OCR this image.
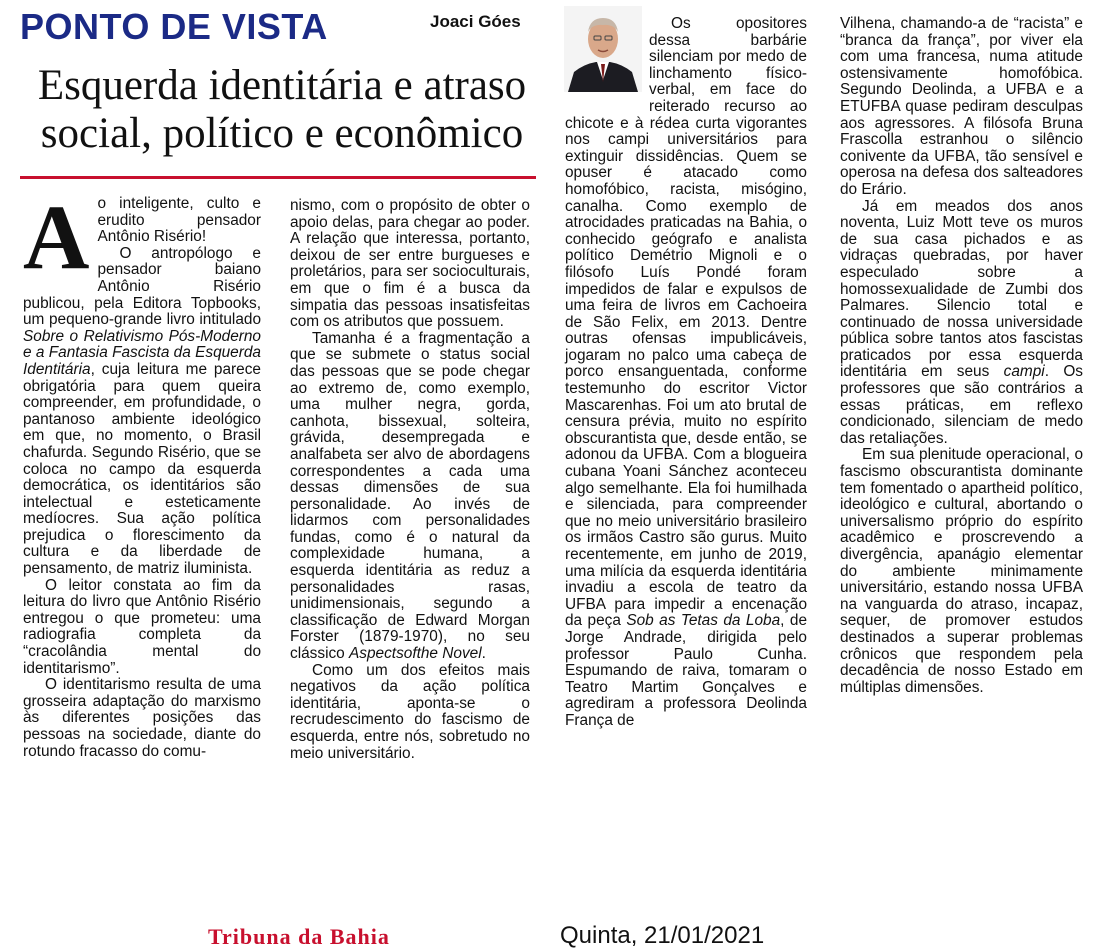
PONTO DE VISTA	Joaci Góes
Esquerda identitária e atraso
social, político e econômico
A o inteligente, culto e erudito pensador Antônio Risério!

O antropólogo e pensador baiano Antônio Risério publicou, pela Editora Topbooks, um pequeno-grande livro intitulado Sobre o Relativismo Pós-Moderno e a Fantasia Fascista da Esquerda Identitária, cuja leitura me parece obrigatória para quem queira compreender, em profundidade, o pantanoso ambiente ideológico em que, no momento, o Brasil chafurda. Segundo Risério, que se coloca no campo da esquerda democrática, os identitários são intelectual e esteticamente medíocres. Sua ação política prejudica o florescimento da cultura e da liberdade de pensamento, de matriz iluminista.

O leitor constata ao fim da leitura do livro que Antônio Risério entregou o que prometeu: uma radiografia completa da “cracolândia mental do identitarismo”.

O identitarismo resulta de uma grosseira adaptação do marxismo às diferentes posições das pessoas na sociedade, diante do rotundo fracasso do comu-

nismo, com o propósito de obter o apoio delas, para chegar ao poder. A relação que interessa, portanto, deixou de ser entre burgueses e proletários, para ser socioculturais, em que o fim é a busca da simpatia das pessoas insatisfeitas com os atributos que possuem.

Tamanha é a fragmentação a que se submete o status social das pessoas que se pode chegar ao extremo de, como exemplo, uma mulher negra, gorda, canhota, bissexual, solteira, grávida, desempregada e analfabeta ser alvo de abordagens correspondentes a cada uma dessas dimensões de sua personalidade. Ao invés de lidarmos com personalidades fundas, como é o natural da complexidade humana, a esquerda identitária as reduz a personalidades rasas, unidimensionais, segundo a classificação de Edward Morgan Forster (1879-1970), no seu clássico Aspectsofthe Novel.

Como um dos efeitos mais negativos da ação política identitária, aponta-se o recrudescimento do fascismo de esquerda, entre nós, sobretudo no meio universitário.

Os opositores dessa barbárie silenciam por medo de linchamento físico-verbal, em face do reiterado recurso ao chicote e à rédea curta vigorantes nos campi universitários para extinguir dissidências. Quem se opuser é atacado como homofóbico, racista, misógino, canalha. Como exemplo de atrocidades praticadas na Bahia, o conhecido geógrafo e analista político Demétrio Mignoli e o filósofo Luís Pondé foram impedidos de falar e expulsos de uma feira de livros em Cachoeira de São Felix, em 2013. Dentre outras ofensas impublicáveis, jogaram no palco uma cabeça de porco ensanguentada, conforme testemunho do escritor Victor Mascarenhas. Foi um ato brutal de censura prévia, muito no espírito obscurantista que, desde então, se adonou da UFBA. Com a blogueira cubana Yoani Sánchez aconteceu algo semelhante. Ela foi humilhada e silenciada, para compreender que no meio universitário brasileiro os irmãos Castro são gurus. Muito recentemente, em junho de 2019, uma milícia da esquerda identitária invadiu a escola de teatro da UFBA para impedir a encenação da peça Sob as Tetas da Loba, de Jorge Andrade, dirigida pelo professor Paulo Cunha. Espumando de raiva, tomaram o Teatro Martim Gonçalves e agrediram a professora Deolinda França de

Vilhena, chamando-a de “racista” e “branca da frança”, por viver ela com uma francesa, numa atitude ostensivamente homofóbica. Segundo Deolinda, a UFBA e a ETUFBA quase pediram desculpas aos agressores. A filósofa Bruna Frascolla estranhou o silêncio conivente da UFBA, tão sensível e operosa na defesa dos salteadores do Erário.

Já em meados dos anos noventa, Luiz Mott teve os muros de sua casa pichados e as vidraças quebradas, por haver especulado sobre a homossexualidade de Zumbi dos Palmares. Silencio total e continuado de nossa universidade pública sobre tantos atos fascistas praticados por essa esquerda identitária em seus campi. Os professores que são contrários a essas práticas, em reflexo condicionado, silenciam de medo das retaliações.

Em sua plenitude operacional, o fascismo obscurantista dominante tem fomentado o apartheid político, ideológico e cultural, abortando o universalismo próprio do espírito acadêmico e proscrevendo a divergência, apanágio elementar do ambiente minimamente universitário, estando nossa UFBA na vanguarda do atraso, incapaz, sequer, de promover estudos destinados a superar problemas crônicos que respondem pela decadência de nosso Estado em múltiplas dimensões.

Tribuna da Bahia	Quinta, 21/01/2021
